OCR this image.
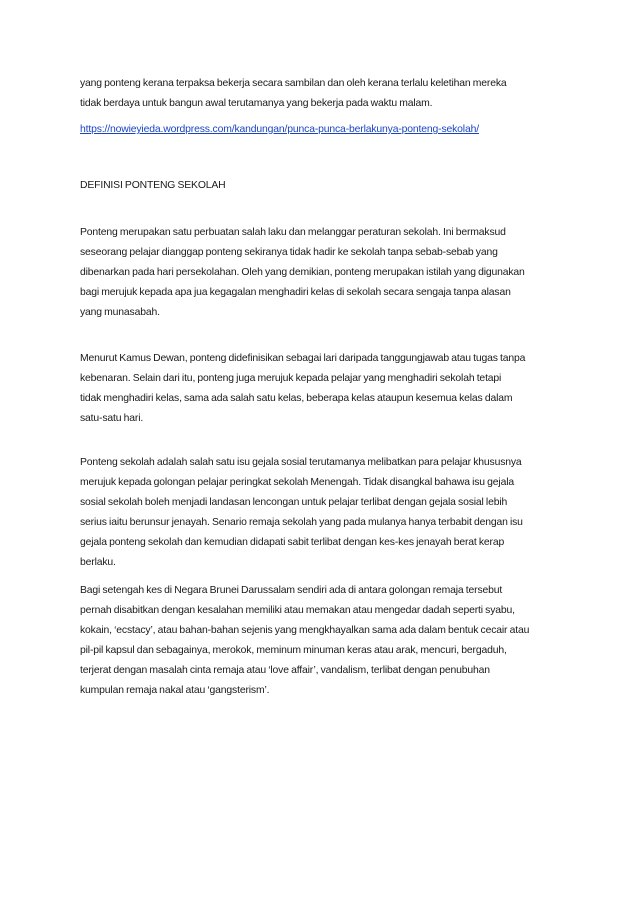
yang ponteng kerana terpaksa bekerja secara sambilan dan oleh kerana terlalu keletihan mereka
tidak berdaya untuk bangun awal terutamanya yang bekerja pada waktu malam.

https://nowieyieda.wordpress.com/kandungan/punca-punca-berlakunya-ponteng-sekolah/

DEFINISI PONTENG SEKOLAH

Ponteng merupakan satu perbuatan salah laku dan melanggar peraturan sekolah. Ini bermaksud
seseorang pelajar dianggap ponteng sekiranya tidak hadir ke sekolah tanpa sebab-sebab yang
dibenarkan pada hari persekolahan. Oleh yang demikian, ponteng merupakan istilah yang digunakan
bagi merujuk kepada apa jua kegagalan menghadiri kelas di sekolah secara sengaja tanpa alasan
yang munasabah.

Menurut Kamus Dewan, ponteng didefinisikan sebagai lari daripada tanggungjawab atau tugas tanpa
kebenaran. Selain dari itu, ponteng juga merujuk kepada pelajar yang menghadiri sekolah tetapi
tidak menghadiri kelas, sama ada salah satu kelas, beberapa kelas ataupun kesemua kelas dalam
satu-satu hari.

Ponteng sekolah adalah salah satu isu gejala sosial terutamanya melibatkan para pelajar khususnya
merujuk kepada golongan pelajar peringkat sekolah Menengah. Tidak disangkal bahawa isu gejala
sosial sekolah boleh menjadi landasan lencongan untuk pelajar terlibat dengan gejala sosial lebih
serius iaitu berunsur jenayah. Senario remaja sekolah yang pada mulanya hanya terbabit dengan isu
gejala ponteng sekolah dan kemudian didapati sabit terlibat dengan kes-kes jenayah berat kerap
berlaku.

Bagi setengah kes di Negara Brunei Darussalam sendiri ada di antara golongan remaja tersebut
pernah disabitkan dengan kesalahan memiliki atau memakan atau mengedar dadah seperti syabu,
kokain, ‘ecstacy’, atau bahan-bahan sejenis yang mengkhayalkan sama ada dalam bentuk cecair atau
pil-pil kapsul dan sebagainya, merokok, meminum minuman keras atau arak, mencuri, bergaduh,
terjerat dengan masalah cinta remaja atau ‘love affair’, vandalism, terlibat dengan penubuhan
kumpulan remaja nakal atau ‘gangsterism’.
